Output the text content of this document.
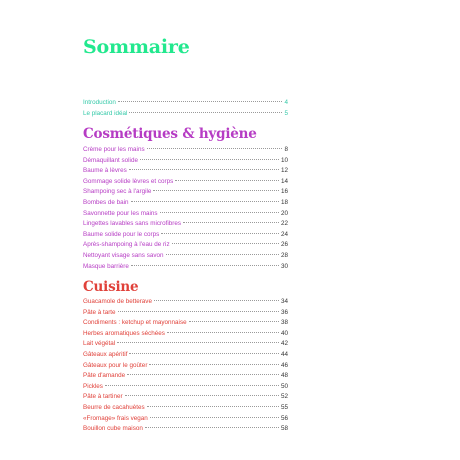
Sommaire
Introduction	4
Le placard idéal	5
Cosmétiques & hygiène
Crème pour les mains	8
Démaquillant solide	10
Baume à lèvres	12
Gommage solide lèvres et corps	14
Shampoing sec à l'argile	16
Bombes de bain	18
Savonnette pour les mains	20
Lingettes lavables sans microfibres	22
Baume solide pour le corps	24
Après-shampoing à l'eau de riz	26
Nettoyant visage sans savon	28
Masque barrière	30
Cuisine
Guacamole de betterave	34
Pâte à tarte	36
Condiments : ketchup et mayonnaise	38
Herbes aromatiques séchées	40
Lait végétal	42
Gâteaux apéritif	44
Gâteaux pour le goûter	46
Pâte d'amande	48
Pickles	50
Pâte à tartiner	52
Beurre de cacahuètes	55
«Fromage» frais vegan	56
Bouillon cube maison	58
